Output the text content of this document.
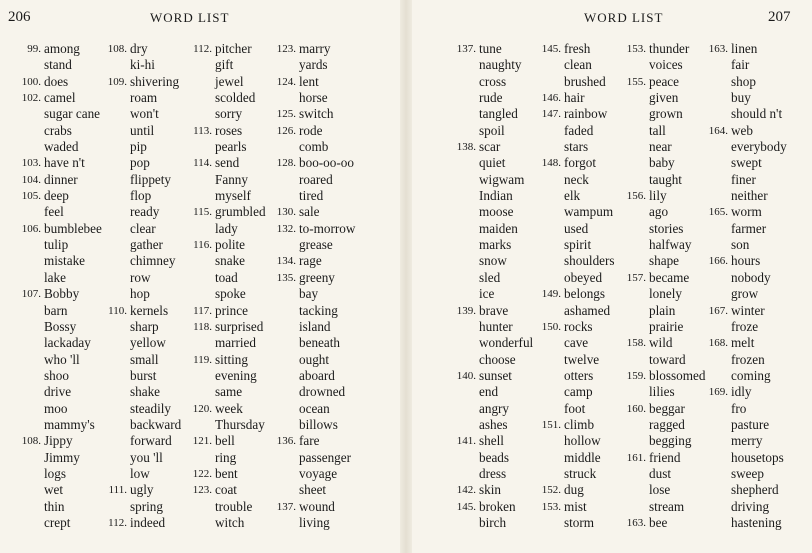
206	WORD LIST
99. among
stand
100. does
102. camel
sugar cane
crabs
waded
103. have n't
104. dinner
105. deep
feel
106. bumblebee
tulip
mistake
lake
107. Bobby
barn
Bossy
lackaday
who 'll
shoo
drive
moo
mammy's
108. Jippy
Jimmy
logs
wet
thin
crept
108. dry
ki-hi
109. shivering
roam
won't
until
pip
pop
flippety
flop
ready
clear
gather
chimney
row
hop
110. kernels
sharp
yellow
small
burst
shake
steadily
backward
forward
you 'll
low
111. ugly
spring
112. indeed
112. pitcher
gift
jewel
scolded
sorry
113. roses
pearls
114. send
Fanny
myself
115. grumbled
lady
116. polite
snake
toad
spoke
117. prince
118. surprised
married
119. sitting
evening
same
120. week
Thursday
121. bell
ring
122. bent
123. coat
trouble
witch
123. marry
yards
124. lent
horse
125. switch
126. rode
comb
128. boo-oo-oo
roared
tired
130. sale
132. to-morrow
grease
134. rage
135. greeny
bay
tacking
island
beneath
ought
aboard
drowned
ocean
billows
136. fare
passenger
voyage
sheet
137. wound
living
WORD LIST	207
137. tune
naughty
cross
rude
tangled
spoil
138. scar
quiet
wigwam
Indian
moose
maiden
marks
snow
sled
ice
139. brave
hunter
wonderful
choose
140. sunset
end
angry
ashes
141. shell
beads
dress
142. skin
145. broken
birch
145. fresh
clean
brushed
146. hair
147. rainbow
faded
stars
148. forgot
neck
elk
wampum
used
spirit
shoulders
obeyed
149. belongs
ashamed
150. rocks
cave
twelve
otters
camp
foot
151. climb
hollow
middle
struck
152. dug
153. mist
storm
153. thunder
voices
155. peace
given
grown
tall
near
baby
taught
156. lily
ago
stories
halfway
shape
157. became
lonely
plain
prairie
158. wild
toward
159. blossomed
lilies
160. beggar
ragged
begging
161. friend
dust
lose
stream
163. bee
163. linen
fair
shop
buy
should n't
164. web
everybody
swept
finer
neither
165. worm
farmer
son
166. hours
nobody
grow
167. winter
froze
168. melt
frozen
coming
169. idly
fro
pasture
merry
housetops
sweep
shepherd
driving
hastening
